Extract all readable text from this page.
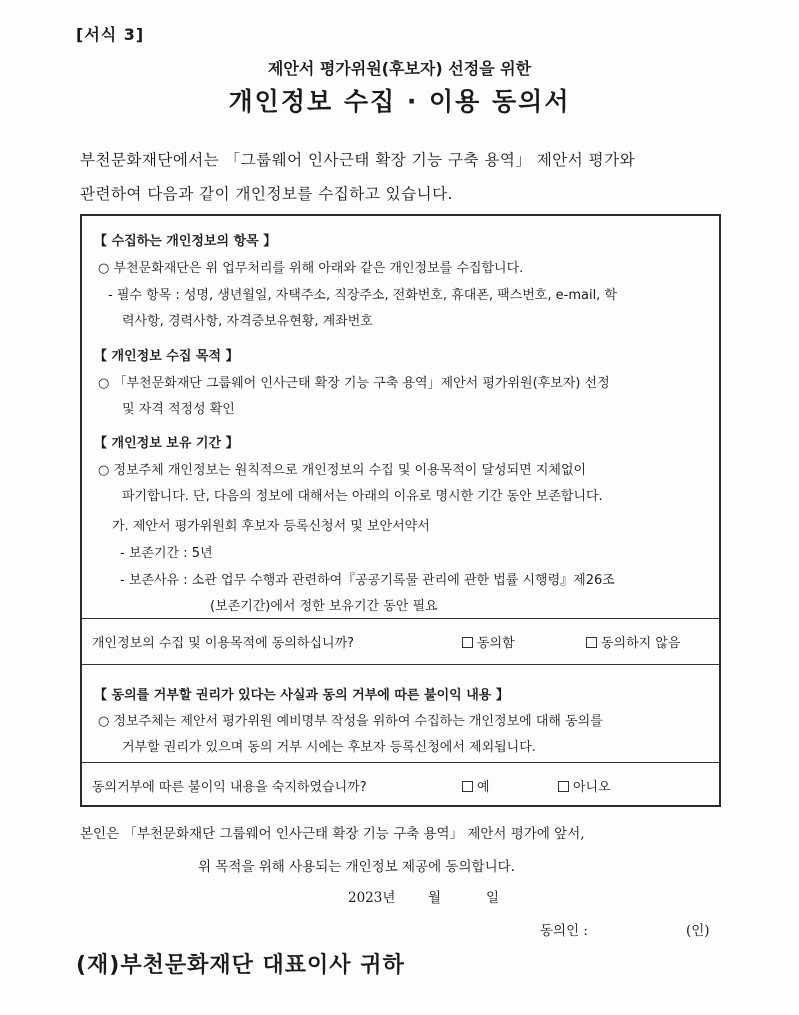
[서식 3]
제안서 평가위원(후보자) 선정을 위한
개인정보 수집 · 이용 동의서
부천문화재단에서는 「그룹웨어 인사근태 확장 기능 구축 용역」 제안서 평가와
관련하여 다음과 같이 개인정보를 수집하고 있습니다.
【 수집하는 개인정보의 항목 】
○ 부천문화재단은 위 업무처리를 위해 아래와 같은 개인정보를 수집합니다.
- 필수 항목 : 성명, 생년월일, 자택주소, 직장주소, 전화번호, 휴대폰, 팩스번호, e-mail, 학
력사항, 경력사항, 자격증보유현황, 계좌번호
【 개인정보 수집 목적 】
○ 「부천문화재단 그룹웨어 인사근태 확장 기능 구축 용역」제안서 평가위원(후보자) 선정
및 자격 적정성 확인
【 개인정보 보유 기간 】
○ 정보주체 개인정보는 원칙적으로 개인정보의 수집 및 이용목적이 달성되면 지체없이
파기합니다. 단, 다음의 정보에 대해서는 아래의 이유로 명시한 기간 동안 보존합니다.
가. 제안서 평가위원회 후보자 등록신청서 및 보안서약서
- 보존기간 : 5년
- 보존사유 : 소관 업무 수행과 관련하여『공공기록물 관리에 관한 법률 시행령』제26조
(보존기간)에서 정한 보유기간 동안 필요
개인정보의 수집 및 이용목적에 동의하십니까?	동의함	동의하지 않음
【 동의를 거부할 권리가 있다는 사실과 동의 거부에 따른 불이익 내용 】
○ 정보주체는 제안서 평가위원 예비명부 작성을 위하여 수집하는 개인정보에 대해 동의를
거부할 권리가 있으며 동의 거부 시에는 후보자 등록신청에서 제외됩니다.
동의거부에 따른 불이익 내용을 숙지하였습니까?	예	아니오
본인은 「부천문화재단 그룹웨어 인사근태 확장 기능 구축 용역」 제안서 평가에 앞서,
위 목적을 위해 사용되는 개인정보 제공에 동의합니다.
2023년 월	일
동의인 :	(인)
(재)부천문화재단 대표이사 귀하
